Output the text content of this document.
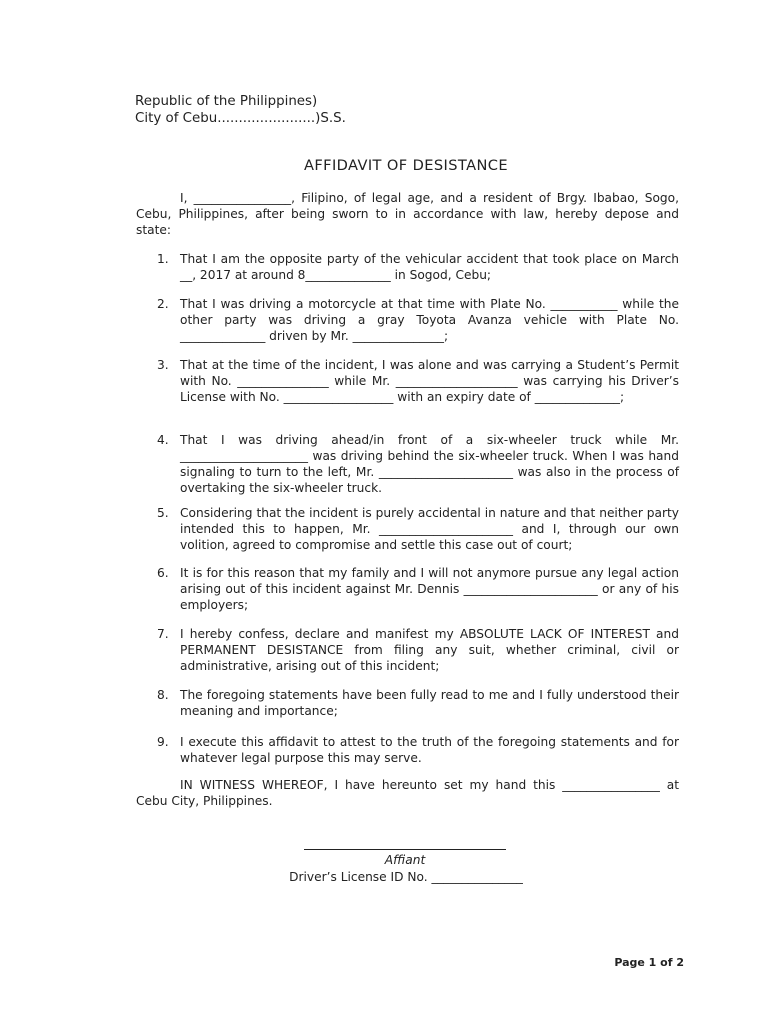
Republic of the Philippines)
City of Cebu.......................)S.S.
AFFIDAVIT OF DESISTANCE
I, ________________, Filipino, of legal age, and a resident of Brgy. Ibabao, Sogo, Cebu, Philippines, after being sworn to in accordance with law, hereby depose and state:
1. That I am the opposite party of the vehicular accident that took place on March __, 2017 at around 8______________ in Sogod, Cebu;
2. That I was driving a motorcycle at that time with Plate No. ___________ while the other party was driving a gray Toyota Avanza vehicle with Plate No. ______________ driven by Mr. _______________;
3. That at the time of the incident, I was alone and was carrying a Student’s Permit with No. _______________ while Mr. ____________________ was carrying his Driver’s License with No. __________________ with an expiry date of ______________;
4. That I was driving ahead/in front of a six-wheeler truck while Mr. _____________________ was driving behind the six-wheeler truck. When I was hand signaling to turn to the left, Mr. ______________________ was also in the process of overtaking the six-wheeler truck.
5. Considering that the incident is purely accidental in nature and that neither party intended this to happen, Mr. ______________________ and I, through our own volition, agreed to compromise and settle this case out of court;
6. It is for this reason that my family and I will not anymore pursue any legal action arising out of this incident against Mr. Dennis ______________________ or any of his employers;
7. I hereby confess, declare and manifest my ABSOLUTE LACK OF INTEREST and PERMANENT DESISTANCE from filing any suit, whether criminal, civil or administrative, arising out of this incident;
8. The foregoing statements have been fully read to me and I fully understood their meaning and importance;
9. I execute this affidavit to attest to the truth of the foregoing statements and for whatever legal purpose this may serve.
IN WITNESS WHEREOF, I have hereunto set my hand this ________________ at Cebu City, Philippines.
Affiant
Driver’s License ID No. _______________
Page 1 of 2
